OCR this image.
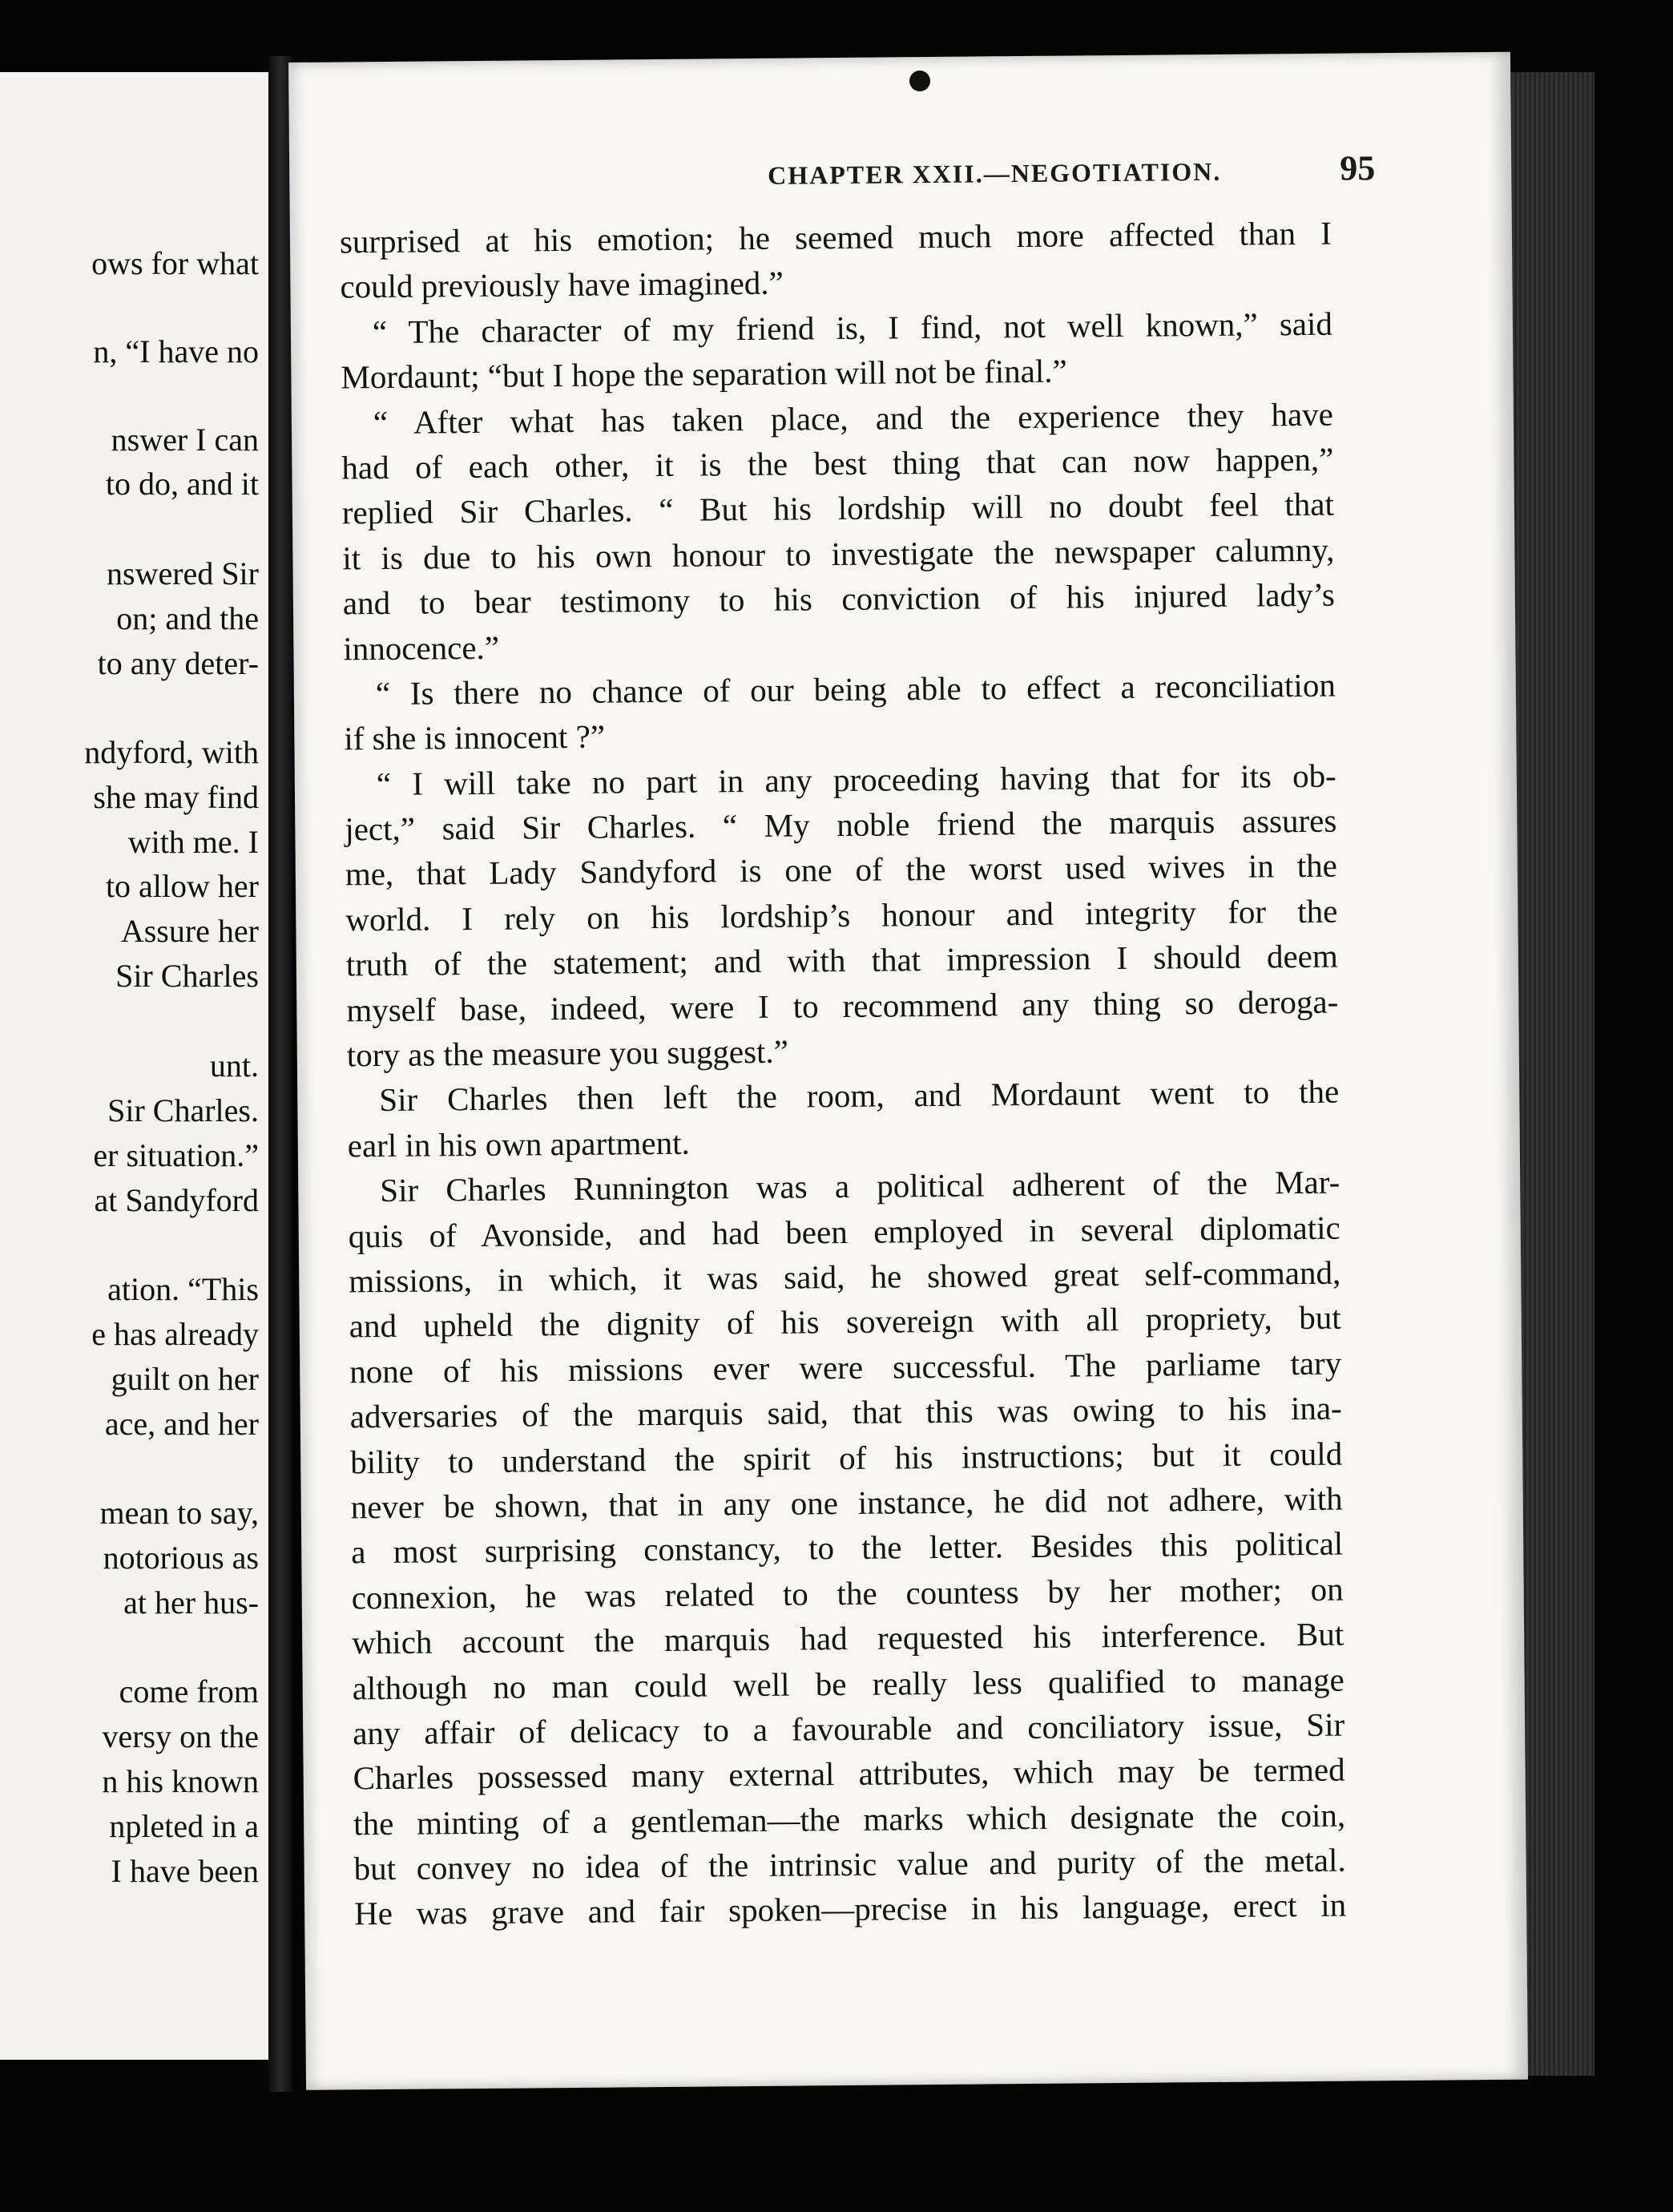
ows for what
n, “I have no
nswer I can
to do, and it
nswered Sir
on; and the
to any deter-
ndyford, with
she may find
with me. I
to allow her
Assure her
Sir Charles
unt.
Sir Charles.
er situation.”
at Sandyford
ation. “This
e has already
guilt on her
ace, and her
mean to say,
notorious as
at her hus-
come from
versy on the
n his known
npleted in a
I have been
CHAPTER XXII.—NEGOTIATION.	95
surprised at his emotion; he seemed much more affected than I
could previously have imagined.”
“ The character of my friend is, I find, not well known,” said
Mordaunt; “but I hope the separation will not be final.”
“ After what has taken place, and the experience they have
had of each other, it is the best thing that can now happen,”
replied Sir Charles. “ But his lordship will no doubt feel that
it is due to his own honour to investigate the newspaper calumny,
and to bear testimony to his conviction of his injured lady’s
innocence.”
“ Is there no chance of our being able to effect a reconciliation
if she is innocent ?”
“ I will take no part in any proceeding having that for its ob-
ject,” said Sir Charles. “ My noble friend the marquis assures
me, that Lady Sandyford is one of the worst used wives in the
world. I rely on his lordship’s honour and integrity for the
truth of the statement; and with that impression I should deem
myself base, indeed, were I to recommend any thing so deroga-
tory as the measure you suggest.”
Sir Charles then left the room, and Mordaunt went to the
earl in his own apartment.
Sir Charles Runnington was a political adherent of the Mar-
quis of Avonside, and had been employed in several diplomatic
missions, in which, it was said, he showed great self-command,
and upheld the dignity of his sovereign with all propriety, but
none of his missions ever were successful. The parliame tary
adversaries of the marquis said, that this was owing to his ina-
bility to understand the spirit of his instructions; but it could
never be shown, that in any one instance, he did not adhere, with
a most surprising constancy, to the letter. Besides this political
connexion, he was related to the countess by her mother; on
which account the marquis had requested his interference. But
although no man could well be really less qualified to manage
any affair of delicacy to a favourable and conciliatory issue, Sir
Charles possessed many external attributes, which may be termed
the minting of a gentleman—the marks which designate the coin,
but convey no idea of the intrinsic value and purity of the metal.
He was grave and fair spoken—precise in his language, erect in
